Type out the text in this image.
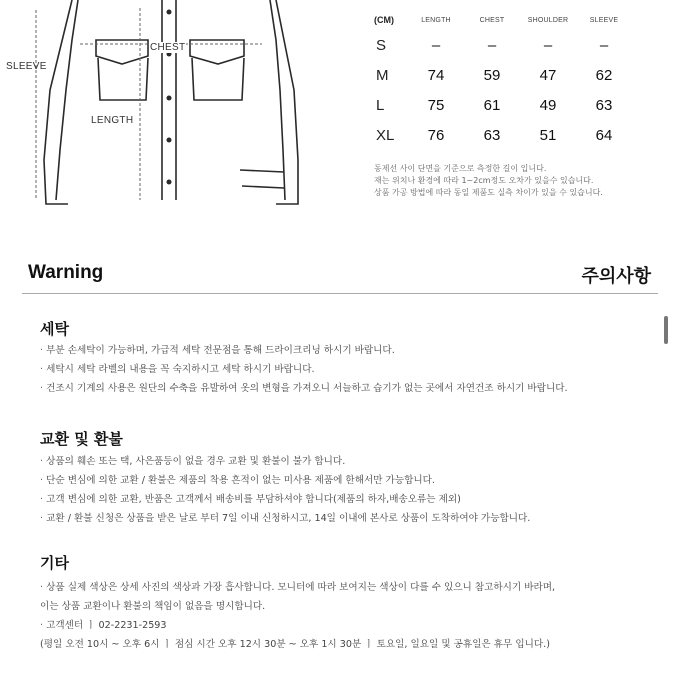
SLEEVE
CHEST
LENGTH
(CM)	LENGTH	CHEST	SHOULDER	SLEEVE
S	–	–	–	–
M	74	59	47	62
L	75	61	49	63
XL	76	63	51	64
동제선 사이 단면을 기준으로 측정한 길이 입니다.
재는 위치나 환경에 따라 1~2cm정도 오차가 있을수 있습니다.
상품 가공 방법에 따라 동일 제품도 실측 차이가 있을 수 있습니다.
Warning	주의사항
세탁
· 부분 손세탁이 가능하며, 가급적 세탁 전문점을 통해 드라이크리닝 하시기 바랍니다.
· 세탁시 세탁 라벨의 내용을 꼭 숙지하시고 세탁 하시기 바랍니다.
· 건조시 기계의 사용은 원단의 수축을 유발하여 옷의 변형을 가져오니 서늘하고 습기가 없는 곳에서 자연건조 하시기 바랍니다.
교환 및 환불
· 상품의 훼손 또는 택, 사은품등이 없을 경우 교환 및 환불이 불가 합니다.
· 단순 변심에 의한 교환 / 환불은 제품의 착용 흔적이 없는 미사용 제품에 한해서만 가능합니다.
· 고객 변심에 의한 교환, 반품은 고객께서 배송비를 부담하셔야 합니다(제품의 하자,배송오류는 제외)
· 교환 / 환불 신청은 상품을 받은 날로 부터 7일 이내 신청하시고, 14일 이내에 본사로 상품이 도착하여야 가능합니다.
기타
· 상품 실제 색상은 상세 사진의 색상과 가장 흡사합니다. 모니터에 따라 보여지는 색상이 다를 수 있으니 참고하시기 바라며,
이는 상품 교환이나 환불의 책임이 없음을 명시합니다.
· 고객센터 ㅣ 02-2231-2593
(평일 오전 10시 ~ 오후 6시 ㅣ 점심 시간 오후 12시 30분 ~ 오후 1시 30분 ㅣ 토요일, 일요일 및 공휴일은 휴무 입니다.)
